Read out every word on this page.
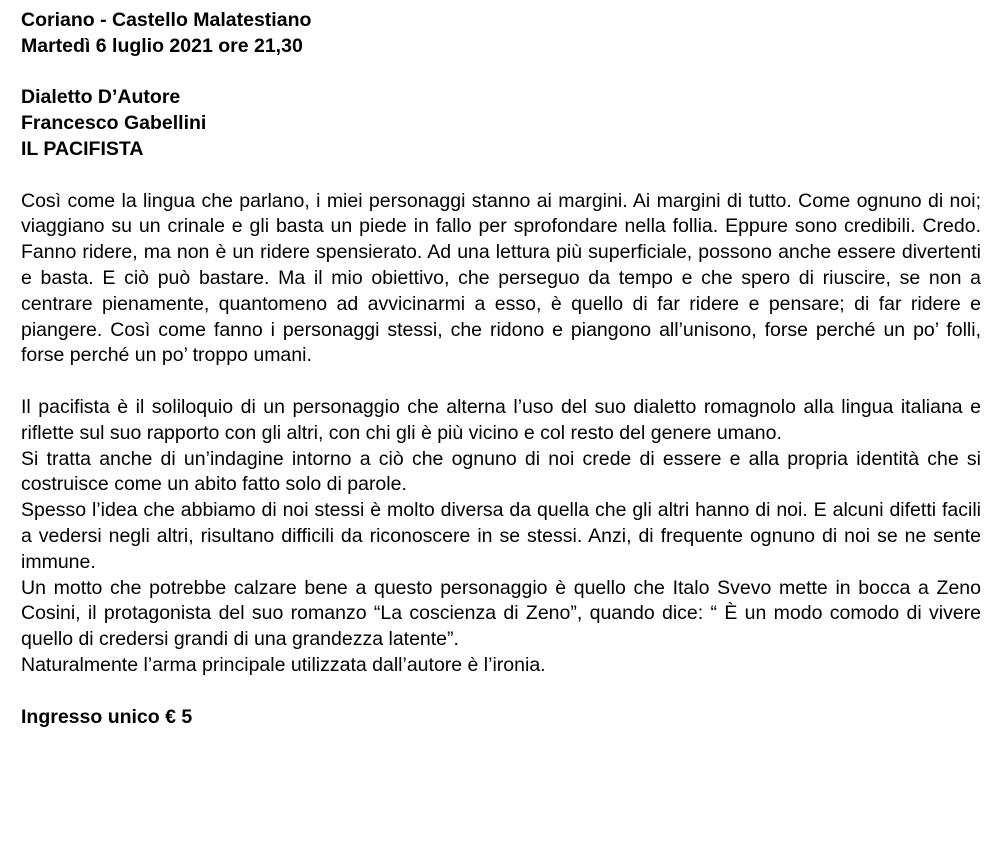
Coriano - Castello Malatestiano

Martedì 6 luglio 2021 ore 21,30

Dialetto D’Autore

Francesco Gabellini

IL PACIFISTA

Così come la lingua che parlano, i miei personaggi stanno ai margini. Ai margini di tutto. Come ognuno di noi; viaggiano su un crinale e gli basta un piede in fallo per sprofondare nella follia. Eppure sono credibili. Credo. Fanno ridere, ma non è un ridere spensierato. Ad una lettura più superficiale, possono anche essere divertenti e basta. E ciò può bastare. Ma il mio obiettivo, che perseguo da tempo e che spero di riuscire, se non a centrare pienamente, quantomeno ad avvicinarmi a esso, è quello di far ridere e pensare; di far ridere e piangere. Così come fanno i personaggi stessi, che ridono e piangono all’unisono, forse perché un po’ folli, forse perché un po’ troppo umani.

Il pacifista è il soliloquio di un personaggio che alterna l’uso del suo dialetto romagnolo alla lingua italiana e riflette sul suo rapporto con gli altri, con chi gli è più vicino e col resto del genere umano.

Si tratta anche di un’indagine intorno a ciò che ognuno di noi crede di essere e alla propria identità che si costruisce come un abito fatto solo di parole.

Spesso l’idea che abbiamo di noi stessi è molto diversa da quella che gli altri hanno di noi. E alcuni difetti facili a vedersi negli altri, risultano difficili da riconoscere in se stessi. Anzi, di frequente ognuno di noi se ne sente immune.

Un motto che potrebbe calzare bene a questo personaggio è quello che Italo Svevo mette in bocca a Zeno Cosini, il protagonista del suo romanzo “La coscienza di Zeno”, quando dice: “ È un modo comodo di vivere quello di credersi grandi di una grandezza latente”.

Naturalmente l’arma principale utilizzata dall’autore è l’ironia.

Ingresso unico € 5
